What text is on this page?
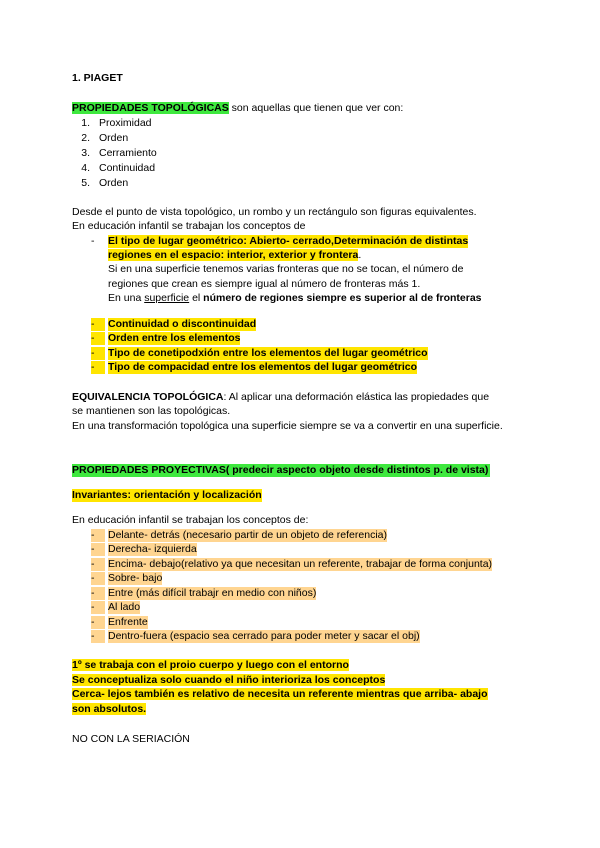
1. PIAGET
PROPIEDADES TOPOLÓGICAS son aquellas que tienen que ver con:
1. Proximidad
2. Orden
3. Cerramiento
4. Continuidad
5. Orden
Desde el punto de vista topológico, un rombo y un rectángulo son figuras equivalentes.
En educación infantil se trabajan los conceptos de
- El tipo de lugar geométrico: Abierto- cerrado,Determinación de distintas
regiones en el espacio: interior, exterior y frontera.
Si en una superficie tenemos varias fronteras que no se tocan, el número de
regiones que crean es siempre igual al número de fronteras más 1.
En una superficie el número de regiones siempre es superior al de fronteras
-	Continuidad o discontinuidad
-	Orden entre los elementos
-	Tipo de conetipodxión entre los elementos del lugar geométrico
-	Tipo de compacidad entre los elementos del lugar geométrico
EQUIVALENCIA TOPOLÓGICA: Al aplicar una deformación elástica las propiedades que
se mantienen son las topológicas.
En una transformación topológica una superficie siempre se va a convertir en una superficie.
PROPIEDADES PROYECTIVAS( predecir aspecto objeto desde distintos p. de vista)
Invariantes: orientación y localización
En educación infantil se trabajan los conceptos de:
-	Delante- detrás (necesario partir de un objeto de referencia)
-	Derecha- izquierda
-	Encima- debajo(relativo ya que necesitan un referente, trabajar de forma conjunta)
-	Sobre- bajo
-	Entre (más difícil trabajr en medio con niños)
-	Al lado
-	Enfrente
-	Dentro-fuera (espacio sea cerrado para poder meter y sacar el obj)
1º se trabaja con el proio cuerpo y luego con el entorno
Se conceptualiza solo cuando el niño interioriza los conceptos
Cerca- lejos también es relativo de necesita un referente mientras que arriba- abajo
son absolutos.
NO CON LA SERIACIÓN
